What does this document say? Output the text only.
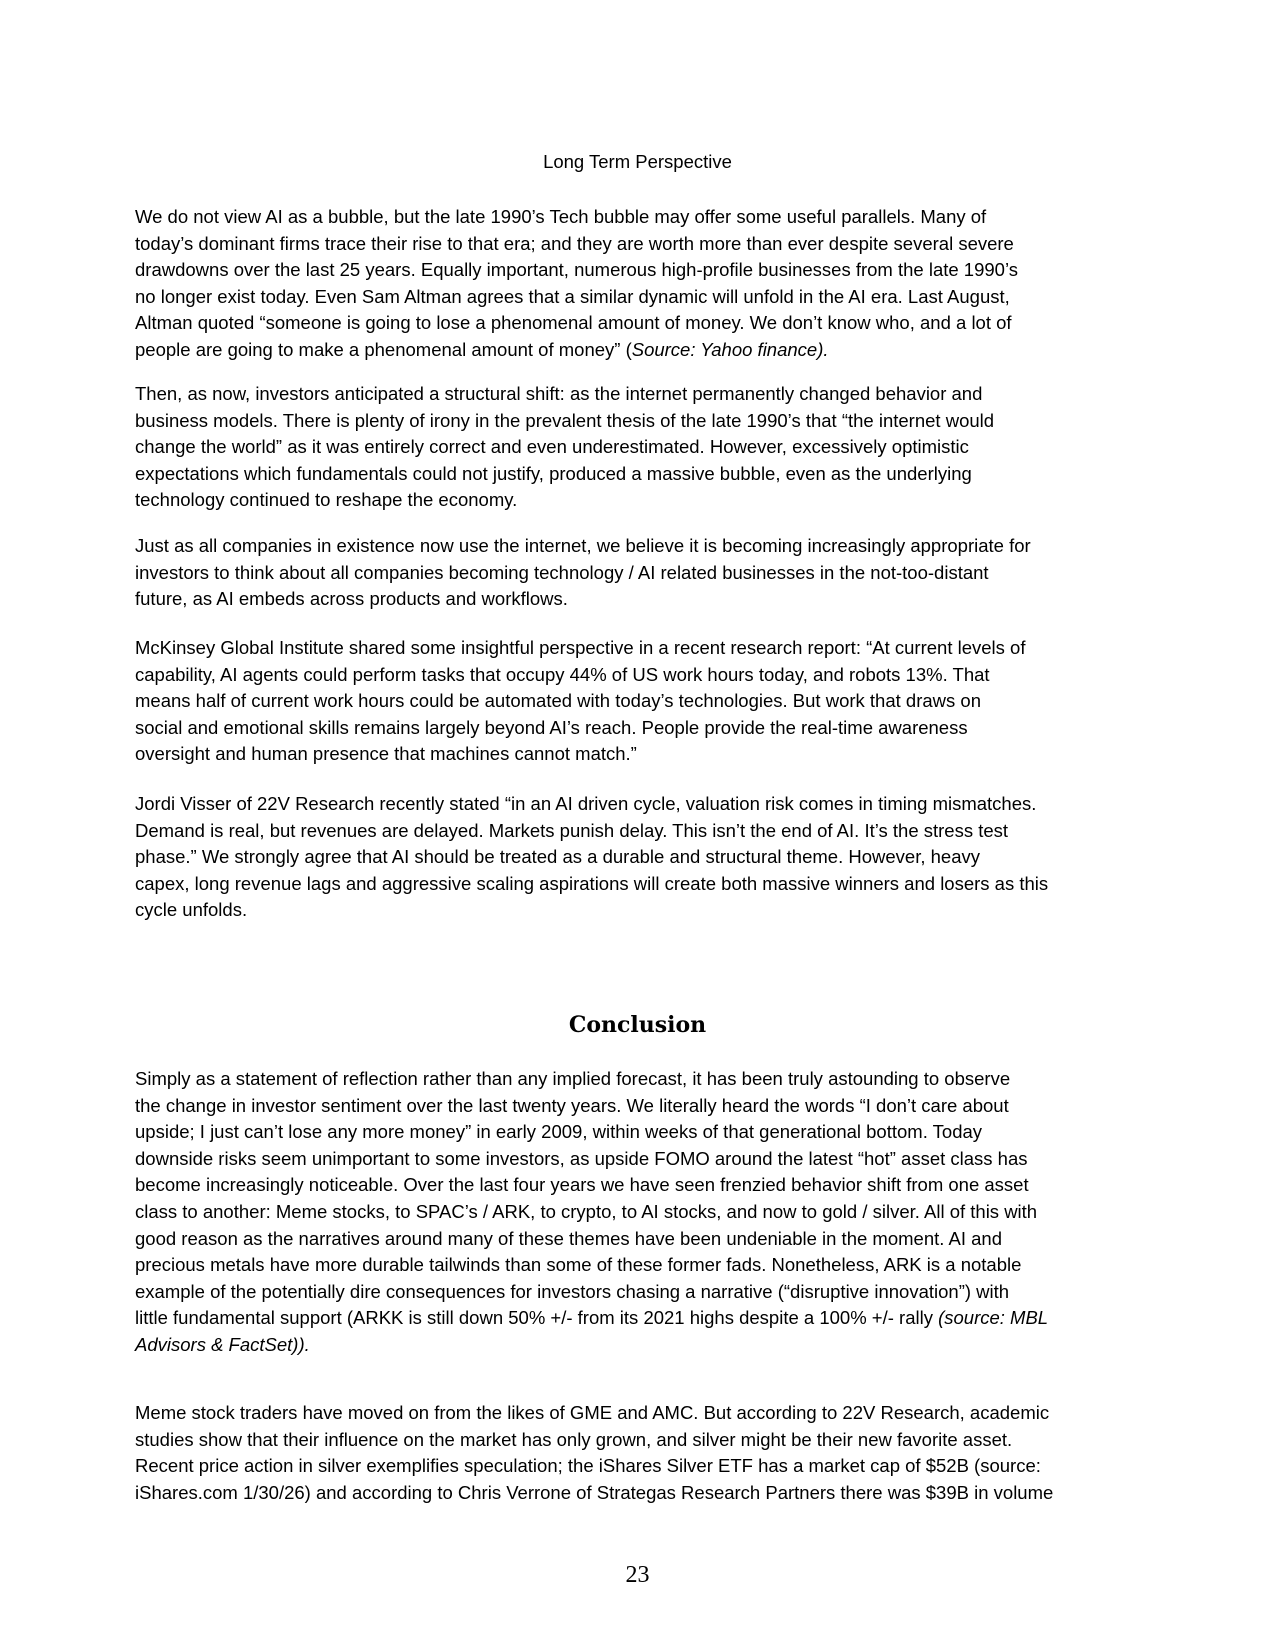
Long Term Perspective

We do not view AI as a bubble, but the late 1990’s Tech bubble may offer some useful parallels. Many of
today’s dominant firms trace their rise to that era; and they are worth more than ever despite several severe
drawdowns over the last 25 years. Equally important, numerous high-profile businesses from the late 1990’s
no longer exist today. Even Sam Altman agrees that a similar dynamic will unfold in the AI era. Last August,
Altman quoted “someone is going to lose a phenomenal amount of money. We don’t know who, and a lot of
people are going to make a phenomenal amount of money” (Source: Yahoo finance).

Then, as now, investors anticipated a structural shift: as the internet permanently changed behavior and
business models. There is plenty of irony in the prevalent thesis of the late 1990’s that “the internet would
change the world” as it was entirely correct and even underestimated. However, excessively optimistic
expectations which fundamentals could not justify, produced a massive bubble, even as the underlying
technology continued to reshape the economy.

Just as all companies in existence now use the internet, we believe it is becoming increasingly appropriate for
investors to think about all companies becoming technology / AI related businesses in the not-too-distant
future, as AI embeds across products and workflows.

McKinsey Global Institute shared some insightful perspective in a recent research report: “At current levels of
capability, AI agents could perform tasks that occupy 44% of US work hours today, and robots 13%. That
means half of current work hours could be automated with today’s technologies. But work that draws on
social and emotional skills remains largely beyond AI’s reach. People provide the real-time awareness
oversight and human presence that machines cannot match.”

Jordi Visser of 22V Research recently stated “in an AI driven cycle, valuation risk comes in timing mismatches.
Demand is real, but revenues are delayed. Markets punish delay. This isn’t the end of AI. It’s the stress test
phase.” We strongly agree that AI should be treated as a durable and structural theme. However, heavy
capex, long revenue lags and aggressive scaling aspirations will create both massive winners and losers as this
cycle unfolds.

Conclusion

Simply as a statement of reflection rather than any implied forecast, it has been truly astounding to observe
the change in investor sentiment over the last twenty years. We literally heard the words “I don’t care about
upside; I just can’t lose any more money” in early 2009, within weeks of that generational bottom. Today
downside risks seem unimportant to some investors, as upside FOMO around the latest “hot” asset class has
become increasingly noticeable. Over the last four years we have seen frenzied behavior shift from one asset
class to another: Meme stocks, to SPAC’s / ARK, to crypto, to AI stocks, and now to gold / silver. All of this with
good reason as the narratives around many of these themes have been undeniable in the moment. AI and
precious metals have more durable tailwinds than some of these former fads. Nonetheless, ARK is a notable
example of the potentially dire consequences for investors chasing a narrative (“disruptive innovation”) with
little fundamental support (ARKK is still down 50% +/- from its 2021 highs despite a 100% +/- rally (source: MBL
Advisors & FactSet)).

Meme stock traders have moved on from the likes of GME and AMC. But according to 22V Research, academic
studies show that their influence on the market has only grown, and silver might be their new favorite asset.
Recent price action in silver exemplifies speculation; the iShares Silver ETF has a market cap of $52B (source:
iShares.com 1/30/26) and according to Chris Verrone of Strategas Research Partners there was $39B in volume

23
